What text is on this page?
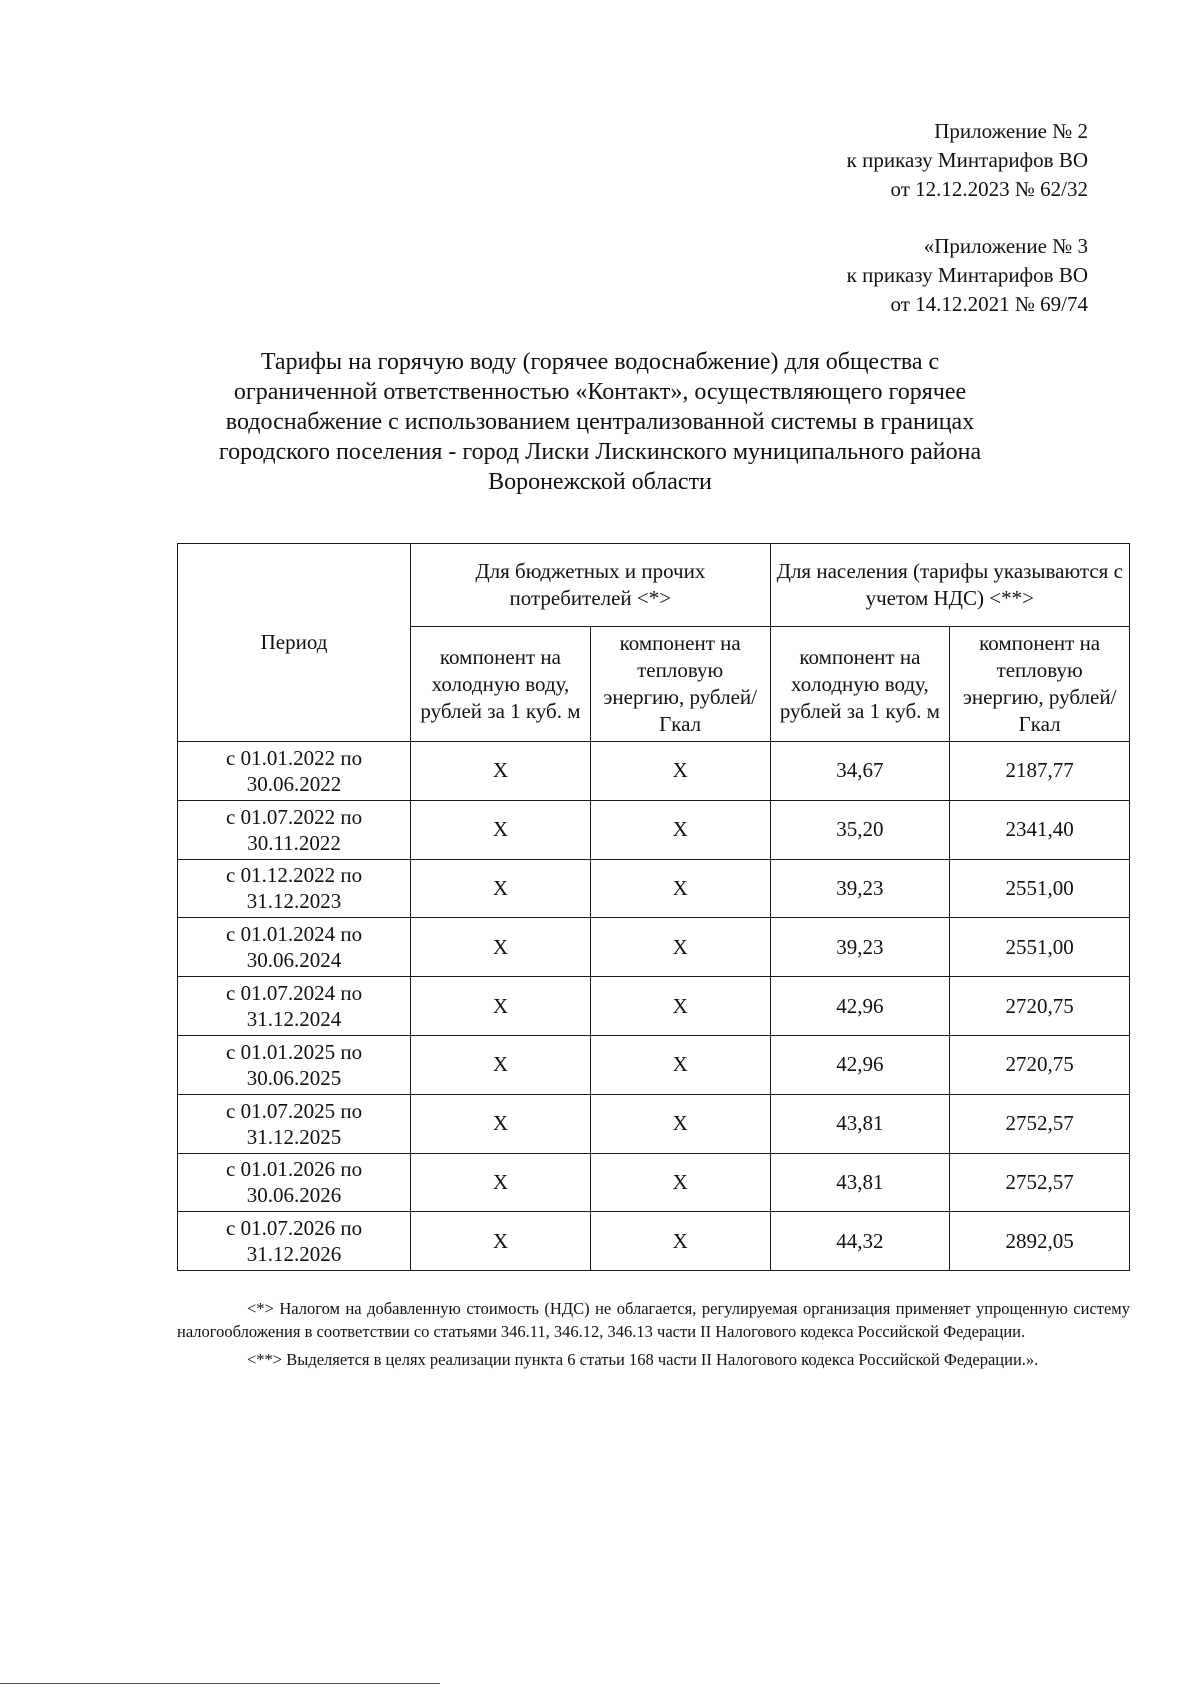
Приложение № 2
к приказу Минтарифов ВО
от 12.12.2023 № 62/32
«Приложение № 3
к приказу Минтарифов ВО
от 14.12.2021 № 69/74
Тарифы на горячую воду (горячее водоснабжение) для общества с
ограниченной ответственностью «Контакт», осуществляющего горячее
водоснабжение с использованием централизованной системы в границах
городского поселения - город Лиски Лискинского муниципального района
Воронежской области
Период	Для бюджетных и прочих потребителей <*>		Для населения (тарифы указываются с учетом НДС) <**>	
	компонент на холодную воду, рублей за 1 куб. м	компонент на тепловую энергию, рублей/Гкал	компонент на холодную воду, рублей за 1 куб. м	компонент на тепловую энергию, рублей/Гкал

с 01.01.2022 по
30.06.2022	X	X	34,67	2187,77

с 01.07.2022 по
30.11.2022	X	X	35,20	2341,40

с 01.12.2022 по
31.12.2023	X	X	39,23	2551,00

с 01.01.2024 по
30.06.2024	X	X	39,23	2551,00

с 01.07.2024 по
31.12.2024	X	X	42,96	2720,75

с 01.01.2025 по
30.06.2025	X	X	42,96	2720,75

с 01.07.2025 по
31.12.2025	X	X	43,81	2752,57

с 01.01.2026 по
30.06.2026	X	X	43,81	2752,57

с 01.07.2026 по
31.12.2026	X	X	44,32	2892,05

<*> Налогом на добавленную стоимость (НДС) не облагается, регулируемая организация применяет упрощенную систему налогообложения в соответствии со статьями 346.11, 346.12, 346.13 части II Налогового кодекса Российской Федерации.

<**> Выделяется в целях реализации пункта 6 статьи 168 части II Налогового кодекса Российской Федерации.».
